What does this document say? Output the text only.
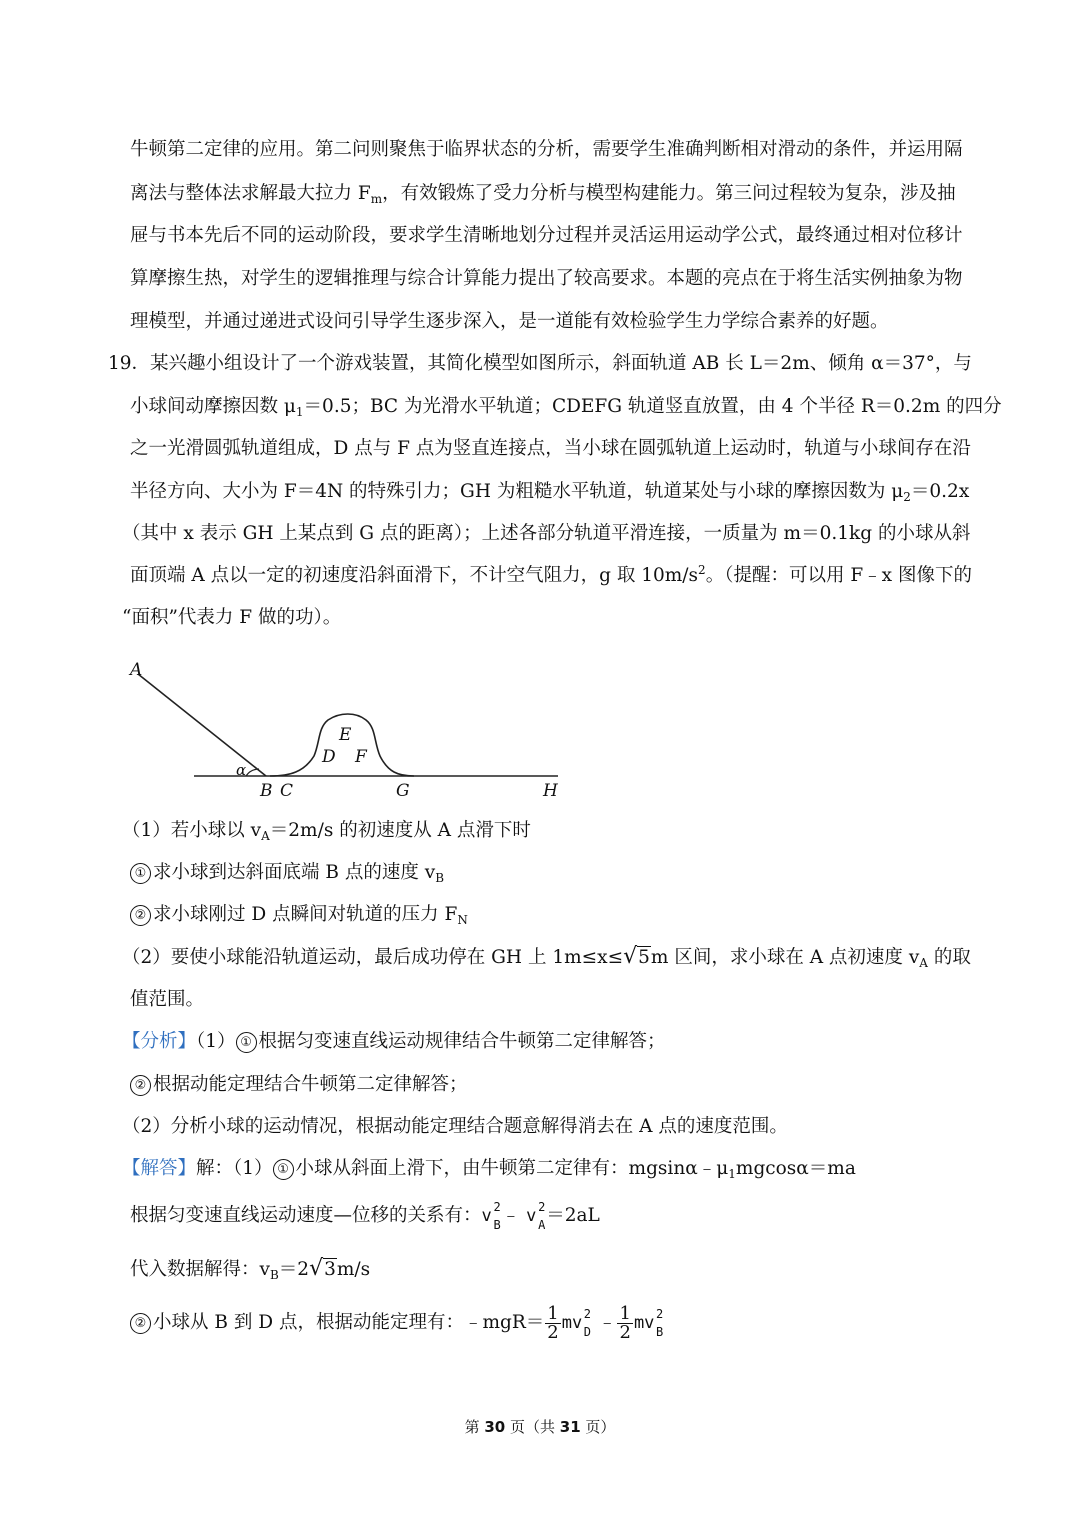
牛顿第二定律的应用。第二问则聚焦于临界状态的分析，需要学生准确判断相对滑动的条件，并运用隔
离法与整体法求解最大拉力 $F_m$，有效锻炼了受力分析与模型构建能力。第三问过程较为复杂，涉及抽
屉与书本先后不同的运动阶段，要求学生清晰地划分过程并灵活运用运动学公式，最终通过相对位移计
算摩擦生热，对学生的逻辑推理与综合计算能力提出了较高要求。本题的亮点在于将生活实例抽象为物
理模型，并通过递进式设问引导学生逐步深入，是一道能有效检验学生力学综合素养的好题。
19．某兴趣小组设计了一个游戏装置，其简化模型如图所示，斜面轨道 AB 长 L＝2m、倾角 α＝37°，与
小球间动摩擦因数 $\mu_1=0.5$；BC 为光滑水平轨道；CDEFG 轨道竖直放置，由 4 个半径 R＝0.2m 的四分
之一光滑圆弧轨道组成，D 点与 F 点为竖直连接点，当小球在圆弧轨道上运动时，轨道与小球间存在沿
半径方向、大小为 F＝4N 的特殊引力；GH 为粗糙水平轨道，轨道某处与小球的摩擦因数为 $\mu_2=0.2x$
（其中 x 表示 GH 上某点到 G 点的距离）；上述各部分轨道平滑连接，一质量为 m＝0.1kg 的小球从斜
面顶端 A 点以一定的初速度沿斜面滑下，不计空气阻力，g 取 $10m/s^2$。（提醒：可以用 F﹣x 图像下的
“面积”代表力 F 做的功）。
A
α
B C
D
E
F
G	H
（1）若小球以 $v_A=2m/s$ 的初速度从 A 点滑下时
① 求小球到达斜面底端 B 点的速度 $v_B$
② 求小球刚过 D 点瞬间对轨道的压力 $F_N$
（2）要使小球能沿轨道运动，最后成功停在 GH 上 1m≤x≤√5m 区间，求小球在 A 点初速度 $v_A$ 的取
值范围。
【分析】（1） ① 根据匀变速直线运动规律结合牛顿第二定律解答；
② 根据动能定理结合牛顿第二定律解答；
（2）分析小球的运动情况，根据动能定理结合题意解得消去在 A 点的速度范围。
【解答】解：（1） ① 小球从斜面上滑下，由牛顿第二定律有：$mgsin\alpha﹣\mu_1mgcos\alpha=ma$
根据匀变速直线运动速度—位移的关系有：v 2
B ﹣ v 2
A ＝2aL
代入数据解得：$v_B=2√3m/s$
② 小球从 B 到 D 点，根据动能定理有：﹣mgR＝ $\frac{1}{2}$ mv 2
D ﹣ $\frac{1}{2}$ mv 2
B
第 30 页（共 31 页）
